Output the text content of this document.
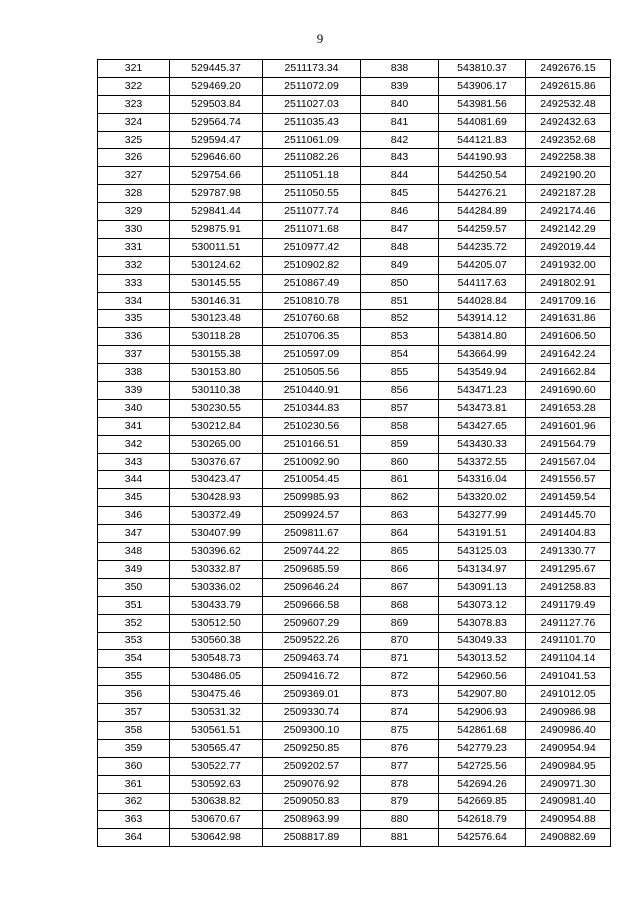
9
321	529445.37	2511173.34	838	543810.37	2492676.15
322	529469.20	2511072.09	839	543906.17	2492615.86
323	529503.84	2511027.03	840	543981.56	2492532.48
324	529564.74	2511035.43	841	544081.69	2492432.63
325	529594.47	2511061.09	842	544121.83	2492352.68
326	529646.60	2511082.26	843	544190.93	2492258.38
327	529754.66	2511051.18	844	544250.54	2492190.20
328	529787.98	2511050.55	845	544276.21	2492187.28
329	529841.44	2511077.74	846	544284.89	2492174.46
330	529875.91	2511071.68	847	544259.57	2492142.29
331	530011.51	2510977.42	848	544235.72	2492019.44
332	530124.62	2510902.82	849	544205.07	2491932.00
333	530145.55	2510867.49	850	544117.63	2491802.91
334	530146.31	2510810.78	851	544028.84	2491709.16
335	530123.48	2510760.68	852	543914.12	2491631.86
336	530118.28	2510706.35	853	543814.80	2491606.50
337	530155.38	2510597.09	854	543664.99	2491642.24
338	530153.80	2510505.56	855	543549.94	2491662.84
339	530110.38	2510440.91	856	543471.23	2491690.60
340	530230.55	2510344.83	857	543473.81	2491653.28
341	530212.84	2510230.56	858	543427.65	2491601.96
342	530265.00	2510166.51	859	543430.33	2491564.79
343	530376.67	2510092.90	860	543372.55	2491567.04
344	530423.47	2510054.45	861	543316.04	2491556.57
345	530428.93	2509985.93	862	543320.02	2491459.54
346	530372.49	2509924.57	863	543277.99	2491445.70
347	530407.99	2509811.67	864	543191.51	2491404.83
348	530396.62	2509744.22	865	543125.03	2491330.77
349	530332.87	2509685.59	866	543134.97	2491295.67
350	530336.02	2509646.24	867	543091.13	2491258.83
351	530433.79	2509666.58	868	543073.12	2491179.49
352	530512.50	2509607.29	869	543078.83	2491127.76
353	530560.38	2509522.26	870	543049.33	2491101.70
354	530548.73	2509463.74	871	543013.52	2491104.14
355	530486.05	2509416.72	872	542960.56	2491041.53
356	530475.46	2509369.01	873	542907.80	2491012.05
357	530531.32	2509330.74	874	542906.93	2490986.98
358	530561.51	2509300.10	875	542861.68	2490986.40
359	530565.47	2509250.85	876	542779.23	2490954.94
360	530522.77	2509202.57	877	542725.56	2490984.95
361	530592.63	2509076.92	878	542694.26	2490971.30
362	530638.82	2509050.83	879	542669.85	2490981.40
363	530670.67	2508963.99	880	542618.79	2490954.88
364	530642.98	2508817.89	881	542576.64	2490882.69
